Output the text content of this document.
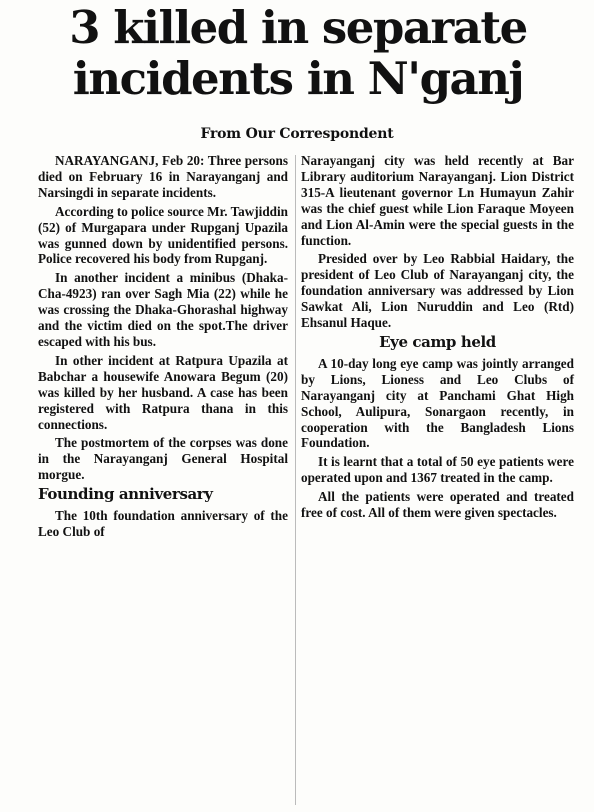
3 killed in separate
incidents in N'ganj
From Our Correspondent

NARAYANGANJ, Feb 20: Three persons died on February 16 in Narayanganj and Narsingdi in separate incidents.

According to police source Mr. Tawjiddin (52) of Murgapara under Rupganj Upazila was gunned down by unidentified persons. Police recovered his body from Rupganj.

In another incident a minibus (Dhaka-Cha-4923) ran over Sagh Mia (22) while he was crossing the Dhaka-Ghorashal highway and the victim died on the spot.The driver escaped with his bus.

In other incident at Ratpura Upazila at Babchar a housewife Anowara Begum (20) was killed by her husband. A case has been registered with Ratpura thana in this connections.

The postmortem of the corpses was done in the Narayanganj General Hospital morgue.

Founding anniversary

The 10th foundation anniversary of the Leo Club of

Narayanganj city was held recently at Bar Library auditorium Narayanganj. Lion District 315-A lieutenant governor Ln Humayun Zahir was the chief guest while Lion Faraque Moyeen and Lion Al-Amin were the special guests in the function.

Presided over by Leo Rabbial Haidary, the president of Leo Club of Narayanganj city, the foundation anniversary was addressed by Lion Sawkat Ali, Lion Nuruddin and Leo (Rtd) Ehsanul Haque.

Eye camp held

A 10-day long eye camp was jointly arranged by Lions, Lioness and Leo Clubs of Narayanganj city at Panchami Ghat High School, Aulipura, Sonargaon recently, in cooperation with the Bangladesh Lions Foundation.

It is learnt that a total of 50 eye patients were operated upon and 1367 treated in the camp.

All the patients were operated and treated free of cost. All of them were given spectacles.
